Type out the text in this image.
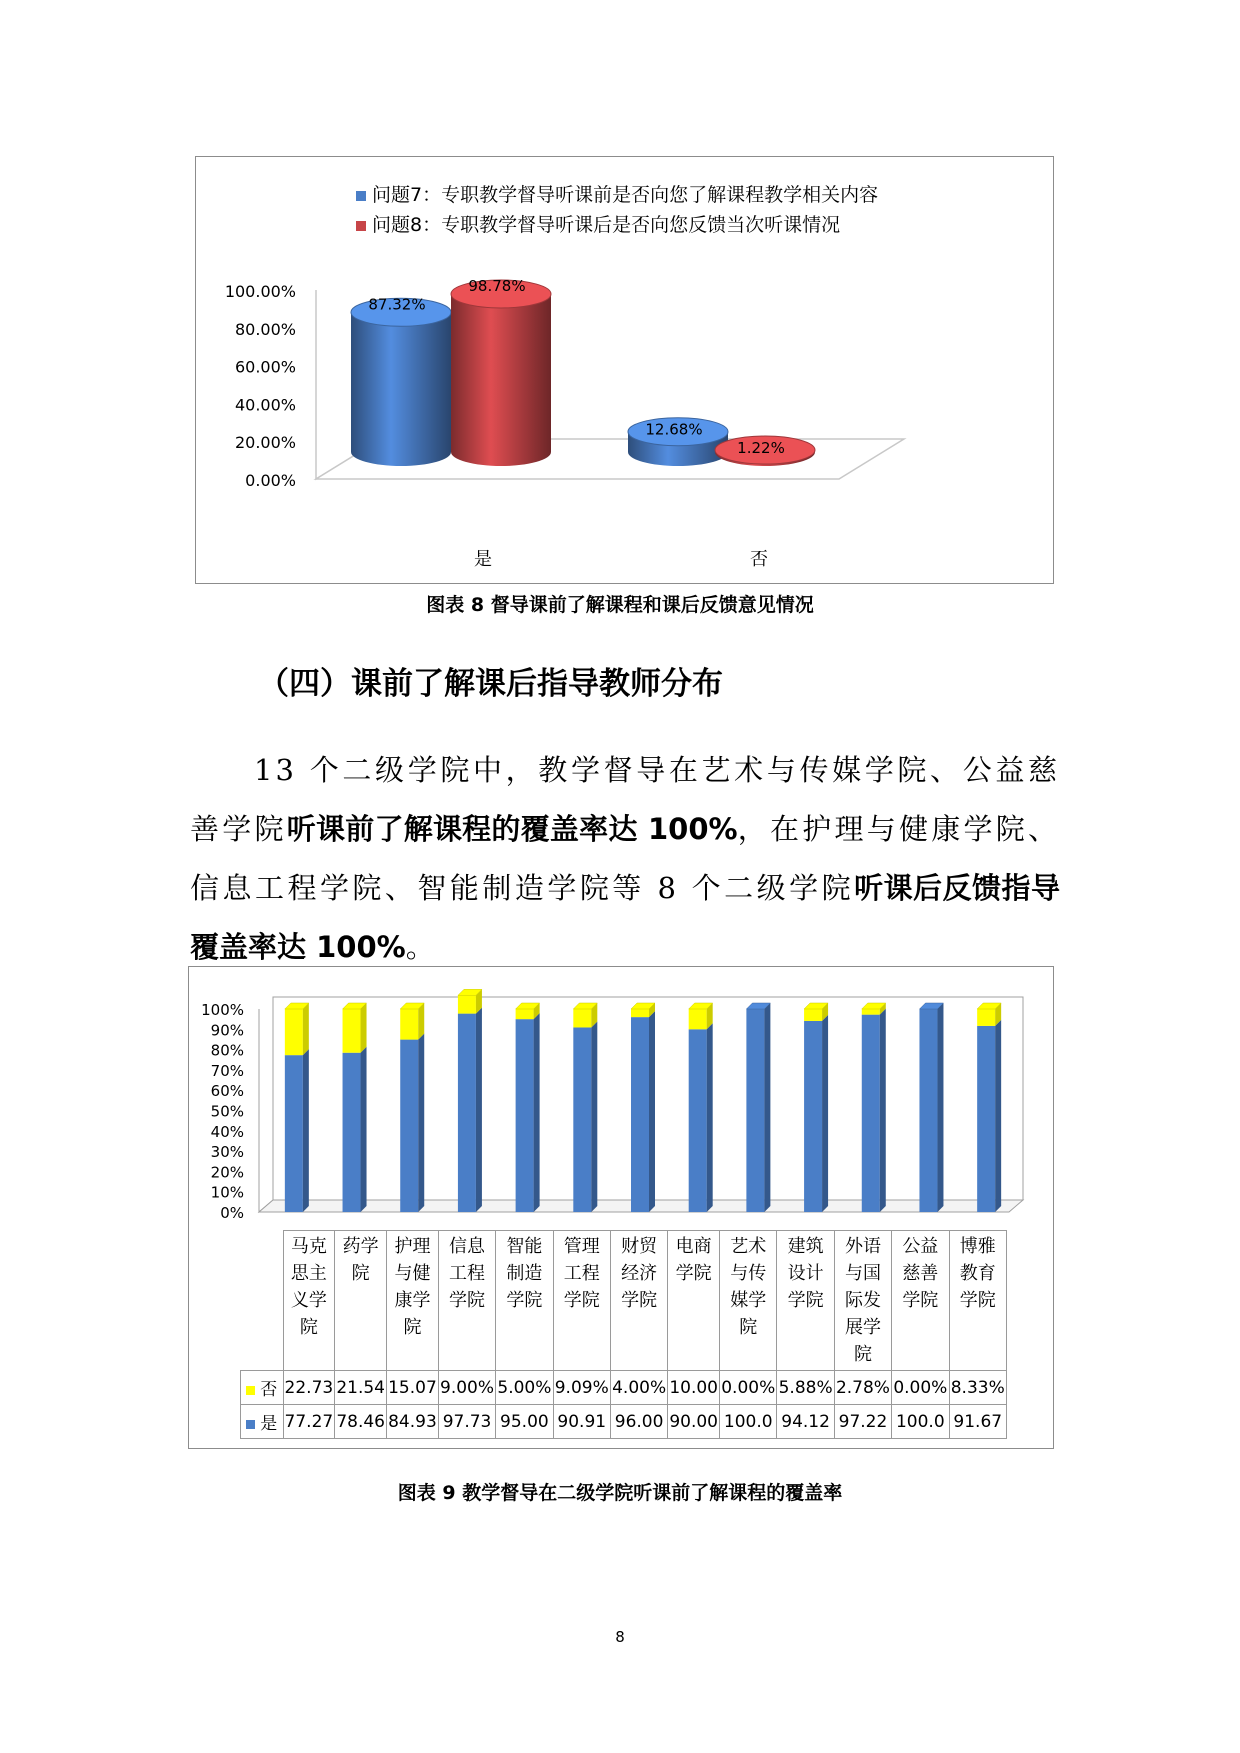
问题7：专职教学督导听课前是否向您了解课程教学相关内容
问题8：专职教学督导听课后是否向您反馈当次听课情况
0.00%
20.00%
40.00%
60.00%
80.00%
100.00%
87.32%
98.78%
是
12.68%
1.22%
否
图表 8 督导课前了解课程和课后反馈意见情况
（四）课前了解课后指导教师分布
13 个二级学院中，教学督导在艺术与传媒学院、公益慈善学院听课前了解课程的覆盖率达 100%，在护理与健康学院、信息工程学院、智能制造学院等 8 个二级学院听课后反馈指导覆盖率达 100%。
0%
10%
20%
30%
40%
50%
60%
70%
80%
90%
100%
	马克
思主
义学
院	药学
院	护理
与健
康学
院	信息
工程
学院	智能
制造
学院	管理
工程
学院	财贸
经济
学院	电商
学院	艺术
与传
媒学
院	建筑
设计
学院	外语
与国
际发
展学
院	公益
慈善
学院	博雅
教育
学院
否	22.73	21.54	15.07	9.00%	5.00%	9.09%	4.00%	10.00	0.00%	5.88%	2.78%	0.00%	8.33%
是	77.27	78.46	84.93	97.73	95.00	90.91	96.00	90.00	100.0	94.12	97.22	100.0	91.67
图表 9 教学督导在二级学院听课前了解课程的覆盖率
8
